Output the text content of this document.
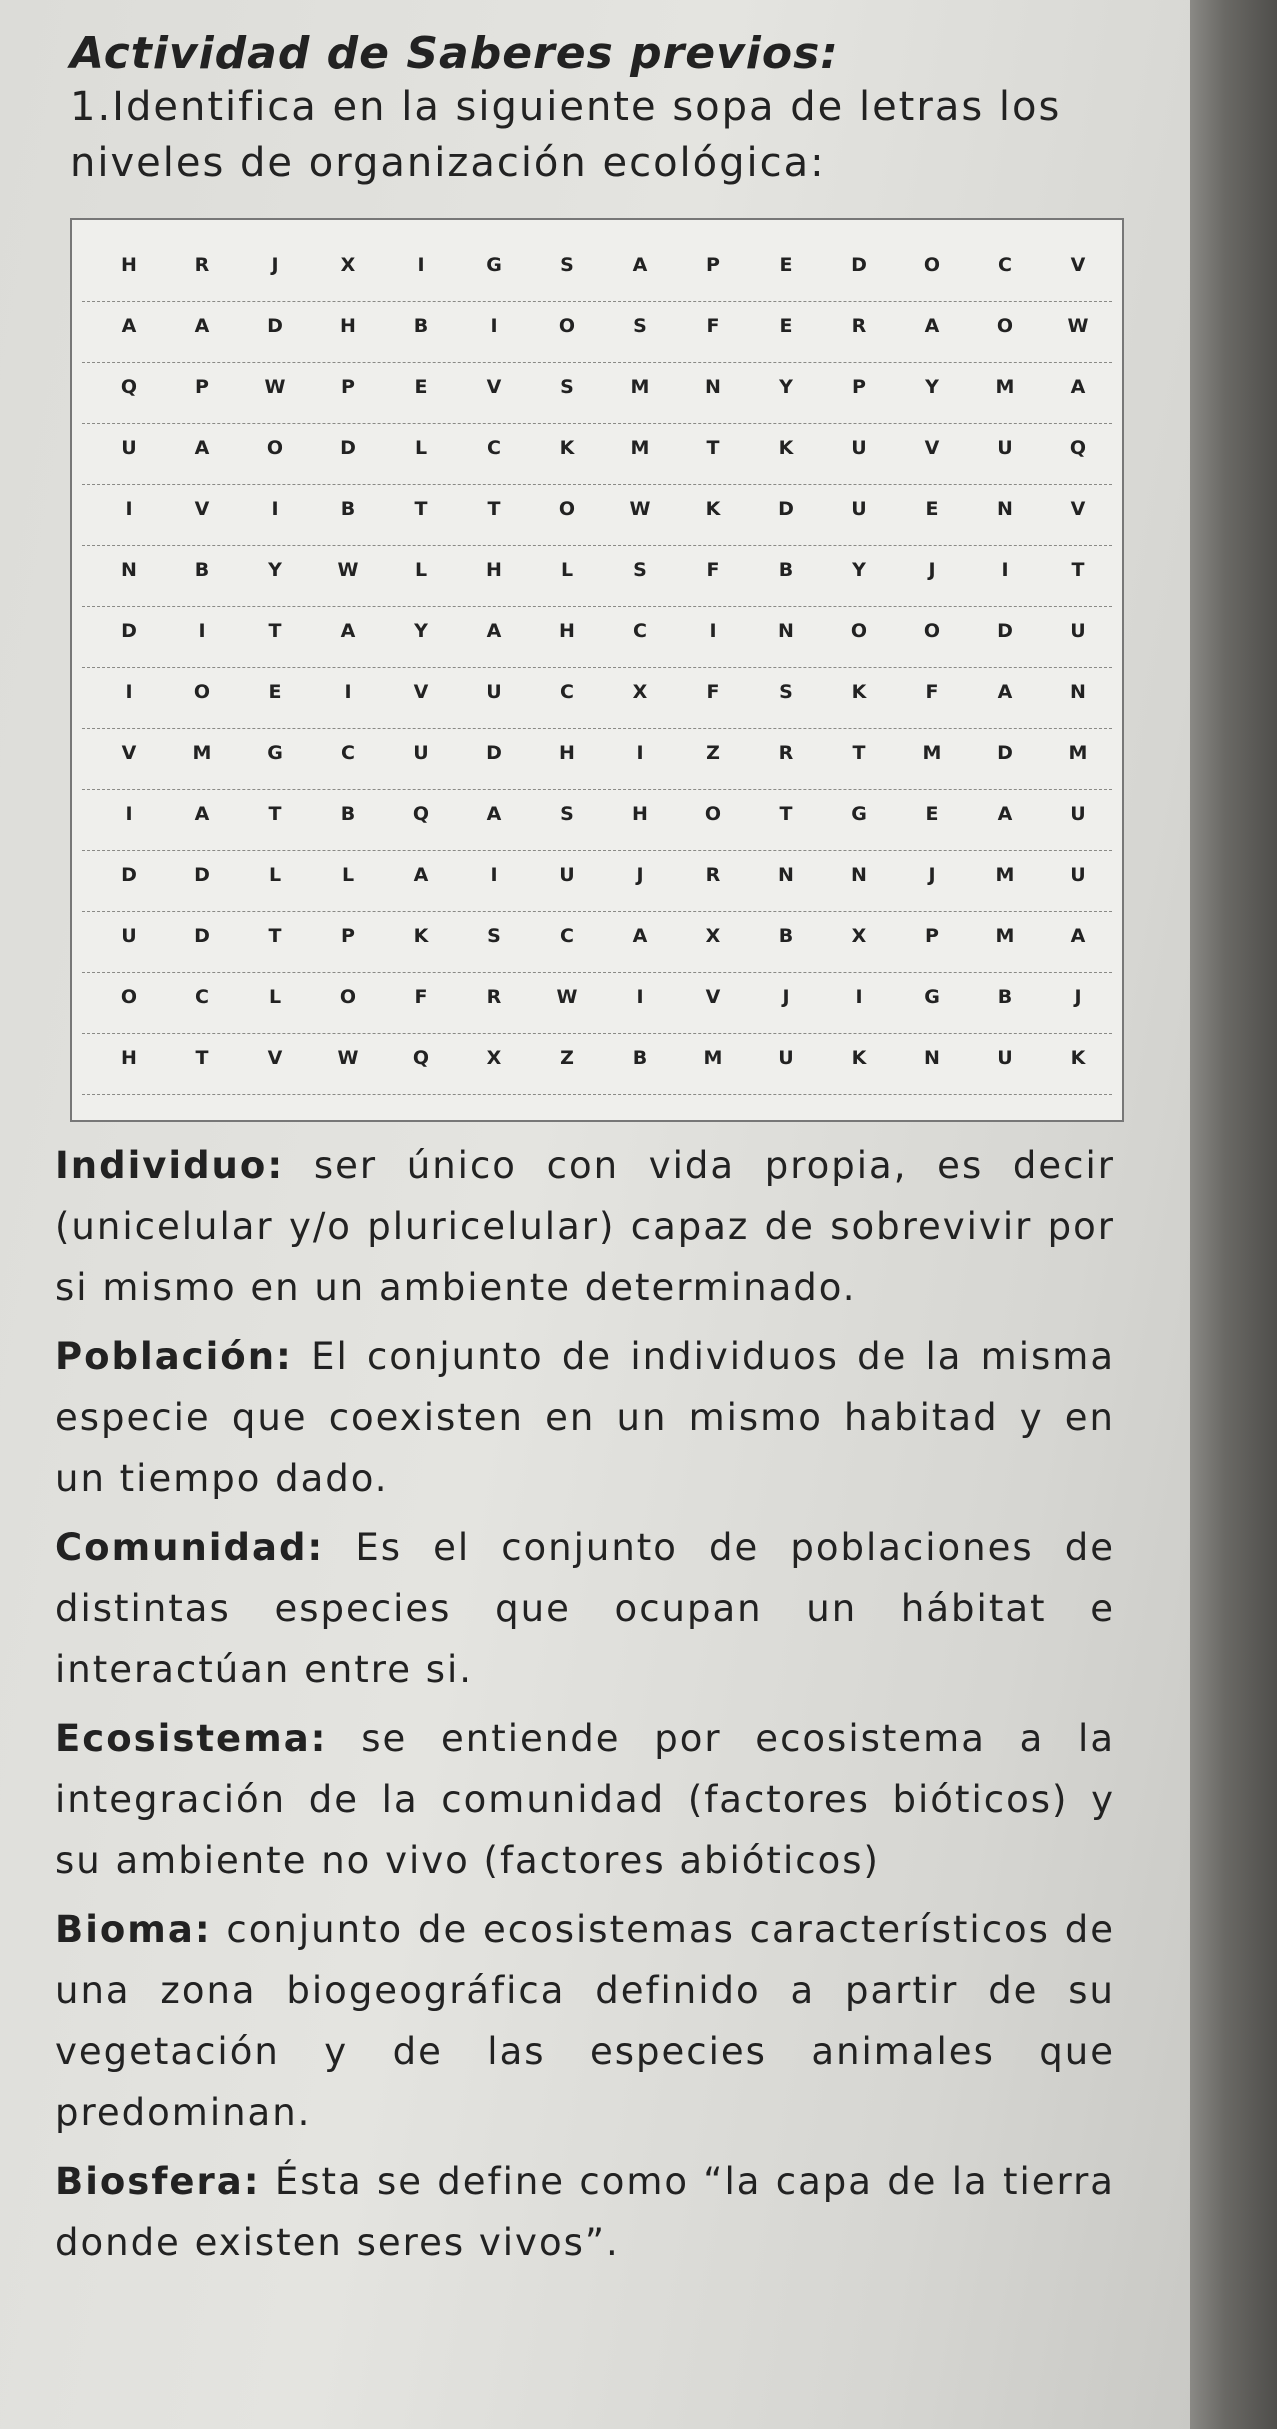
Actividad de Saberes previos:
1.Identifica en la siguiente sopa de letras los
niveles de organización ecológica:
H	R	J	X	I	G	S	A	P	E	D	O	C	V
A	A	D	H	B	I	O	S	F	E	R	A	O	W
Q	P	W	P	E	V	S	M	N	Y	P	Y	M	A
U	A	O	D	L	C	K	M	T	K	U	V	U	Q
I	V	I	B	T	T	O	W	K	D	U	E	N	V
N	B	Y	W	L	H	L	S	F	B	Y	J	I	T
D	I	T	A	Y	A	H	C	I	N	O	O	D	U
I	O	E	I	V	U	C	X	F	S	K	F	A	N
V	M	G	C	U	D	H	I	Z	R	T	M	D	M
I	A	T	B	Q	A	S	H	O	T	G	E	A	U
D	D	L	L	A	I	U	J	R	N	N	J	M	U
U	D	T	P	K	S	C	A	X	B	X	P	M	A
O	C	L	O	F	R	W	I	V	J	I	G	B	J
H	T	V	W	Q	X	Z	B	M	U	K	N	U	K

Individuo: ser único con vida propia, es decir (unicelular y/o pluricelular) capaz de sobrevivir por si mismo en un ambiente determinado.

Población: El conjunto de individuos de la misma especie que coexisten en un mismo habitad y en un tiempo dado.

Comunidad: Es el conjunto de poblaciones de distintas especies que ocupan un hábitat e interactúan entre si.

Ecosistema: se entiende por ecosistema a la integración de la comunidad (factores bióticos) y su ambiente no vivo (factores abióticos)

Bioma: conjunto de ecosistemas característicos de una zona biogeográfica definido a partir de su vegetación y de las especies animales que predominan.

Biosfera: Ésta se define como “la capa de la tierra donde existen seres vivos”.
